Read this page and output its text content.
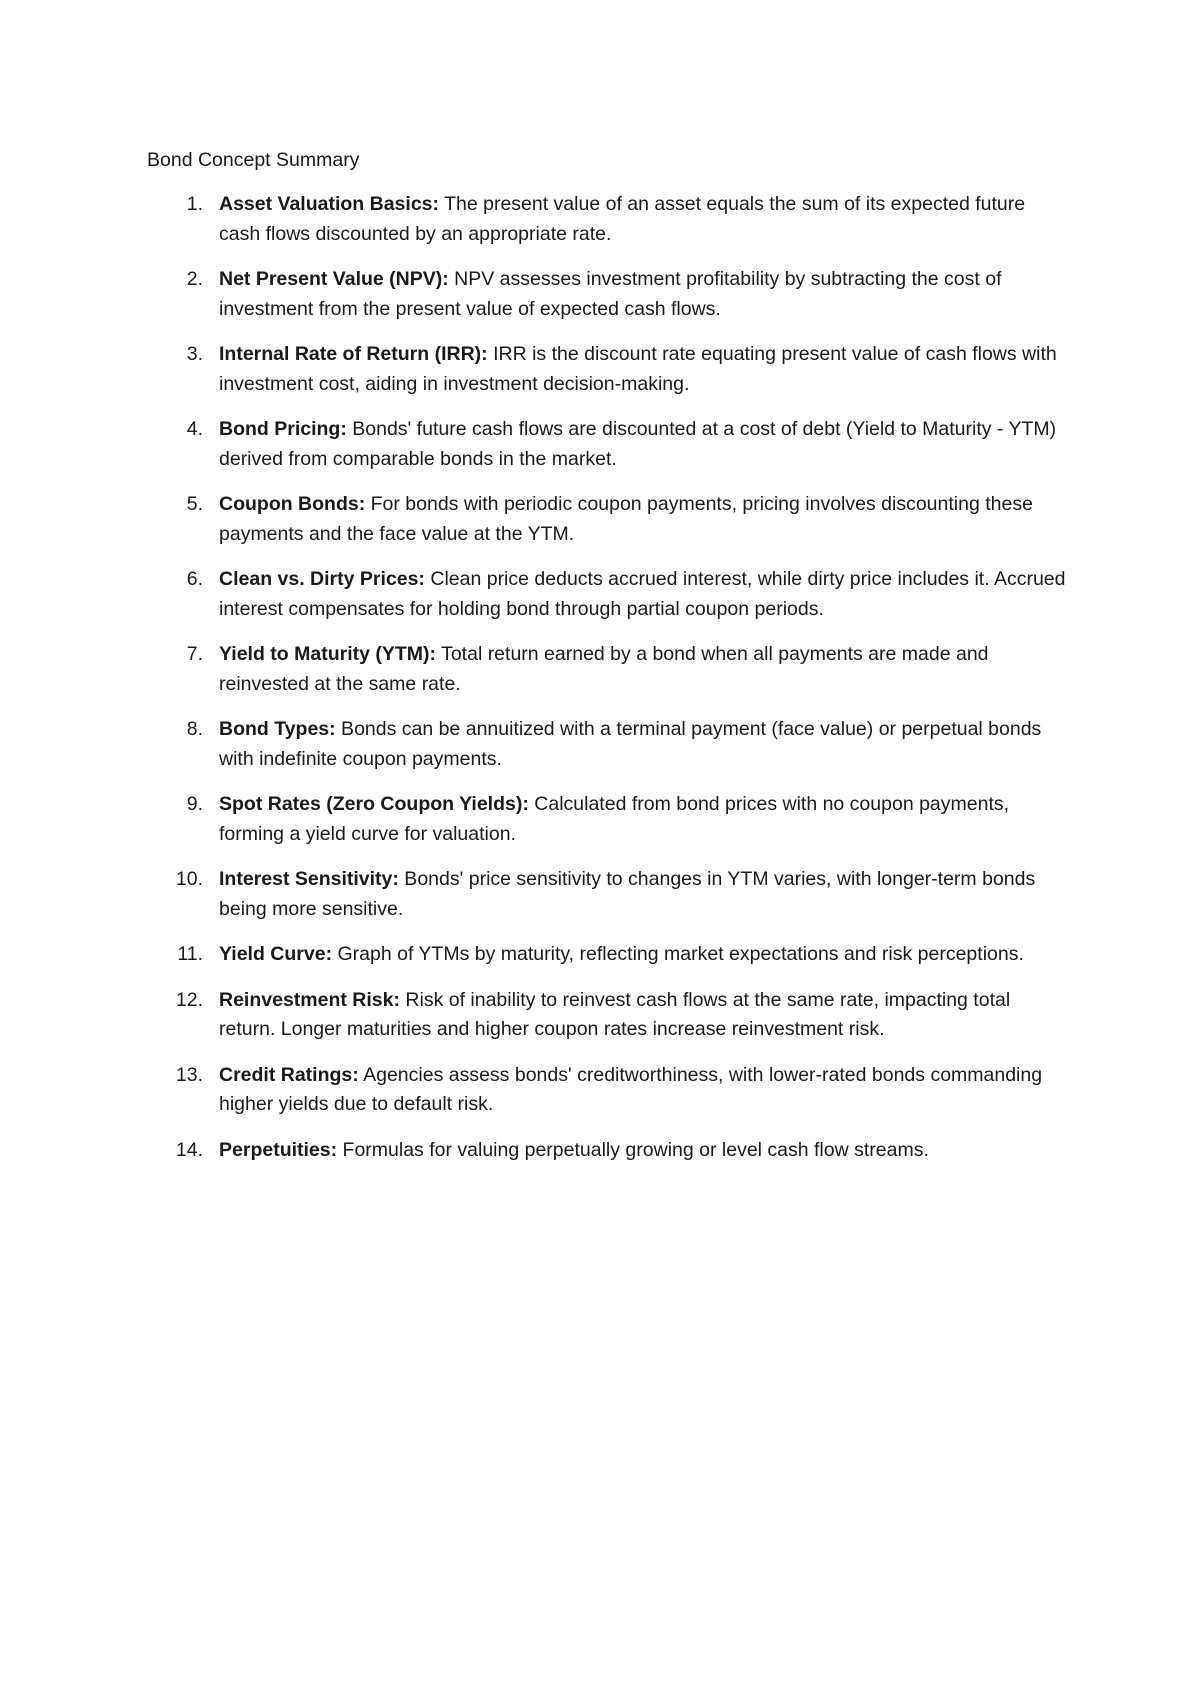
Bond Concept Summary

1. Asset Valuation Basics: The present value of an asset equals the sum of its expected future cash flows discounted by an appropriate rate.
2. Net Present Value (NPV): NPV assesses investment profitability by subtracting the cost of investment from the present value of expected cash flows.
3. Internal Rate of Return (IRR): IRR is the discount rate equating present value of cash flows with investment cost, aiding in investment decision-making.
4. Bond Pricing: Bonds' future cash flows are discounted at a cost of debt (Yield to Maturity - YTM) derived from comparable bonds in the market.
5. Coupon Bonds: For bonds with periodic coupon payments, pricing involves discounting these payments and the face value at the YTM.
6. Clean vs. Dirty Prices: Clean price deducts accrued interest, while dirty price includes it. Accrued interest compensates for holding bond through partial coupon periods.
7. Yield to Maturity (YTM): Total return earned by a bond when all payments are made and reinvested at the same rate.
8. Bond Types: Bonds can be annuitized with a terminal payment (face value) or perpetual bonds with indefinite coupon payments.
9. Spot Rates (Zero Coupon Yields): Calculated from bond prices with no coupon payments, forming a yield curve for valuation.
10. Interest Sensitivity: Bonds' price sensitivity to changes in YTM varies, with longer-term bonds being more sensitive.
11. Yield Curve: Graph of YTMs by maturity, reflecting market expectations and risk perceptions.
12. Reinvestment Risk: Risk of inability to reinvest cash flows at the same rate, impacting total return. Longer maturities and higher coupon rates increase reinvestment risk.
13. Credit Ratings: Agencies assess bonds' creditworthiness, with lower-rated bonds commanding higher yields due to default risk.
14. Perpetuities: Formulas for valuing perpetually growing or level cash flow streams.
